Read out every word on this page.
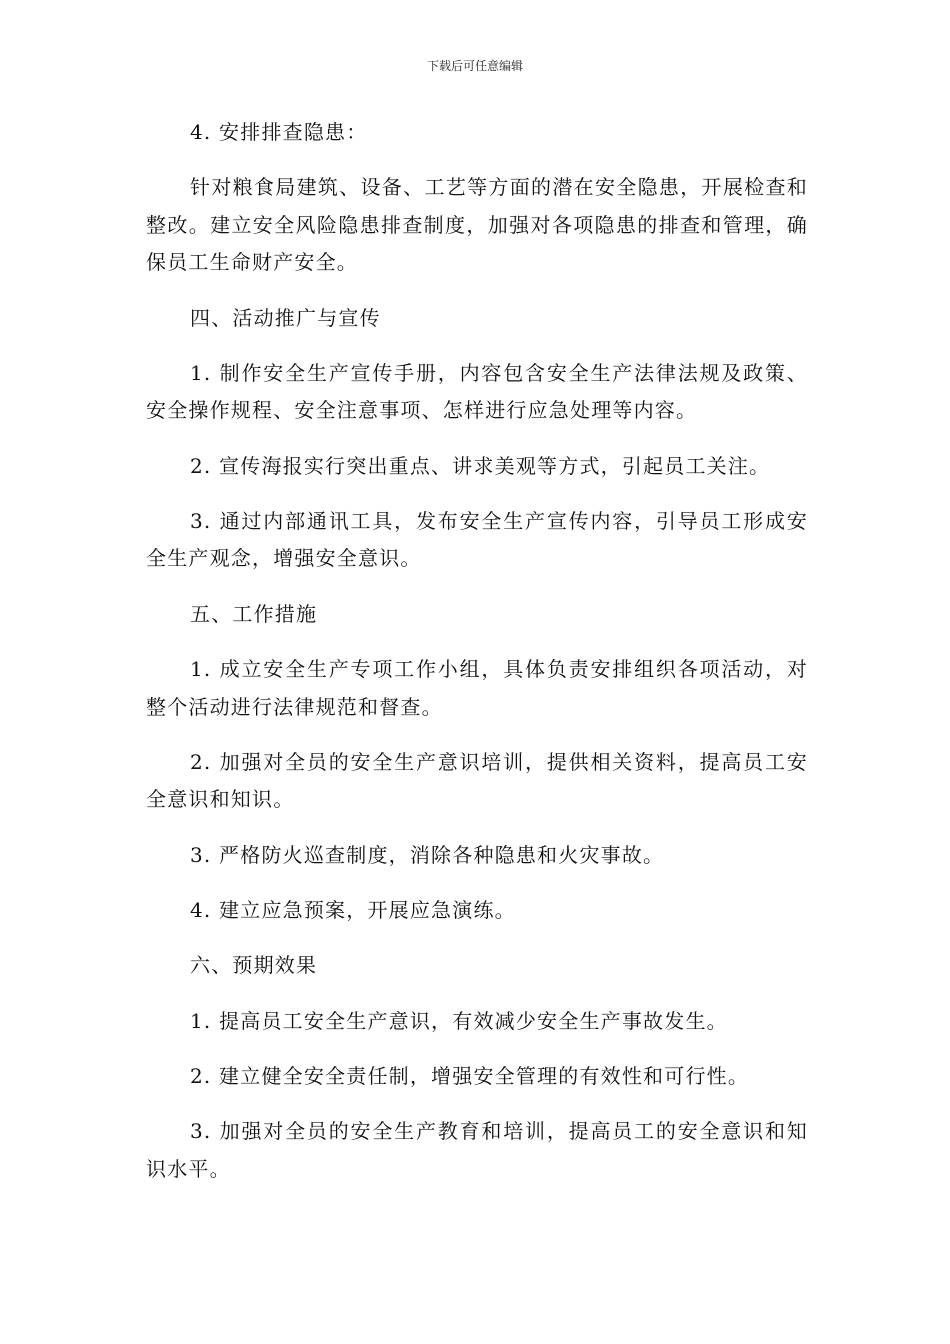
下载后可任意编辑

4. 安排排查隐患：

针对粮食局建筑、设备、工艺等方面的潜在安全隐患，开展检查和整改。建立安全风险隐患排查制度，加强对各项隐患的排查和管理，确保员工生命财产安全。

四、活动推广与宣传

1. 制作安全生产宣传手册，内容包含安全生产法律法规及政策、安全操作规程、安全注意事项、怎样进行应急处理等内容。

2. 宣传海报实行突出重点、讲求美观等方式，引起员工关注。

3. 通过内部通讯工具，发布安全生产宣传内容，引导员工形成安全生产观念，增强安全意识。

五、工作措施

1. 成立安全生产专项工作小组，具体负责安排组织各项活动，对整个活动进行法律规范和督查。

2. 加强对全员的安全生产意识培训，提供相关资料，提高员工安全意识和知识。

3. 严格防火巡查制度，消除各种隐患和火灾事故。

4. 建立应急预案，开展应急演练。

六、预期效果

1. 提高员工安全生产意识，有效减少安全生产事故发生。

2. 建立健全安全责任制，增强安全管理的有效性和可行性。

3. 加强对全员的安全生产教育和培训，提高员工的安全意识和知识水平。
